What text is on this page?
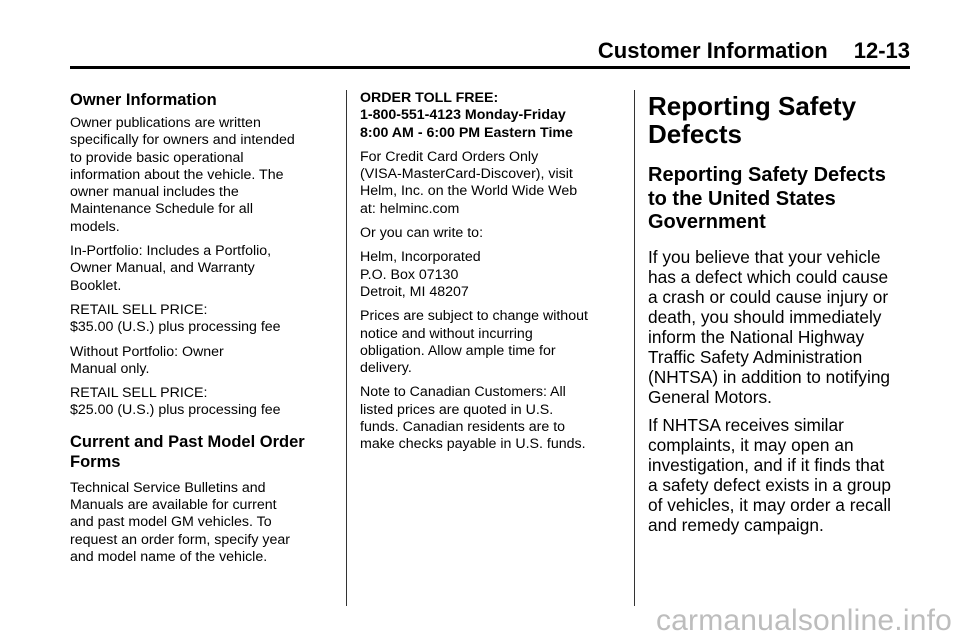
Customer Information 12-13
Owner Information
Owner publications are written
specifically for owners and intended
to provide basic operational
information about the vehicle. The
owner manual includes the
Maintenance Schedule for all
models.
In-Portfolio: Includes a Portfolio,
Owner Manual, and Warranty
Booklet.
RETAIL SELL PRICE:
$35.00 (U.S.) plus processing fee
Without Portfolio: Owner
Manual only.
RETAIL SELL PRICE:
$25.00 (U.S.) plus processing fee
Current and Past Model Order
Forms
Technical Service Bulletins and
Manuals are available for current
and past model GM vehicles. To
request an order form, specify year
and model name of the vehicle.
ORDER TOLL FREE:
1-800-551-4123 Monday-Friday
8:00 AM - 6:00 PM Eastern Time
For Credit Card Orders Only
(VISA-MasterCard-Discover), visit
Helm, Inc. on the World Wide Web
at: helminc.com
Or you can write to:
Helm, Incorporated
P.O. Box 07130
Detroit, MI 48207
Prices are subject to change without
notice and without incurring
obligation. Allow ample time for
delivery.
Note to Canadian Customers: All
listed prices are quoted in U.S.
funds. Canadian residents are to
make checks payable in U.S. funds.
Reporting Safety
Defects
Reporting Safety Defects
to the United States
Government
If you believe that your vehicle
has a defect which could cause
a crash or could cause injury or
death, you should immediately
inform the National Highway
Traffic Safety Administration
(NHTSA) in addition to notifying
General Motors.
If NHTSA receives similar
complaints, it may open an
investigation, and if it finds that
a safety defect exists in a group
of vehicles, it may order a recall
and remedy campaign.
carmanualsonline.info
